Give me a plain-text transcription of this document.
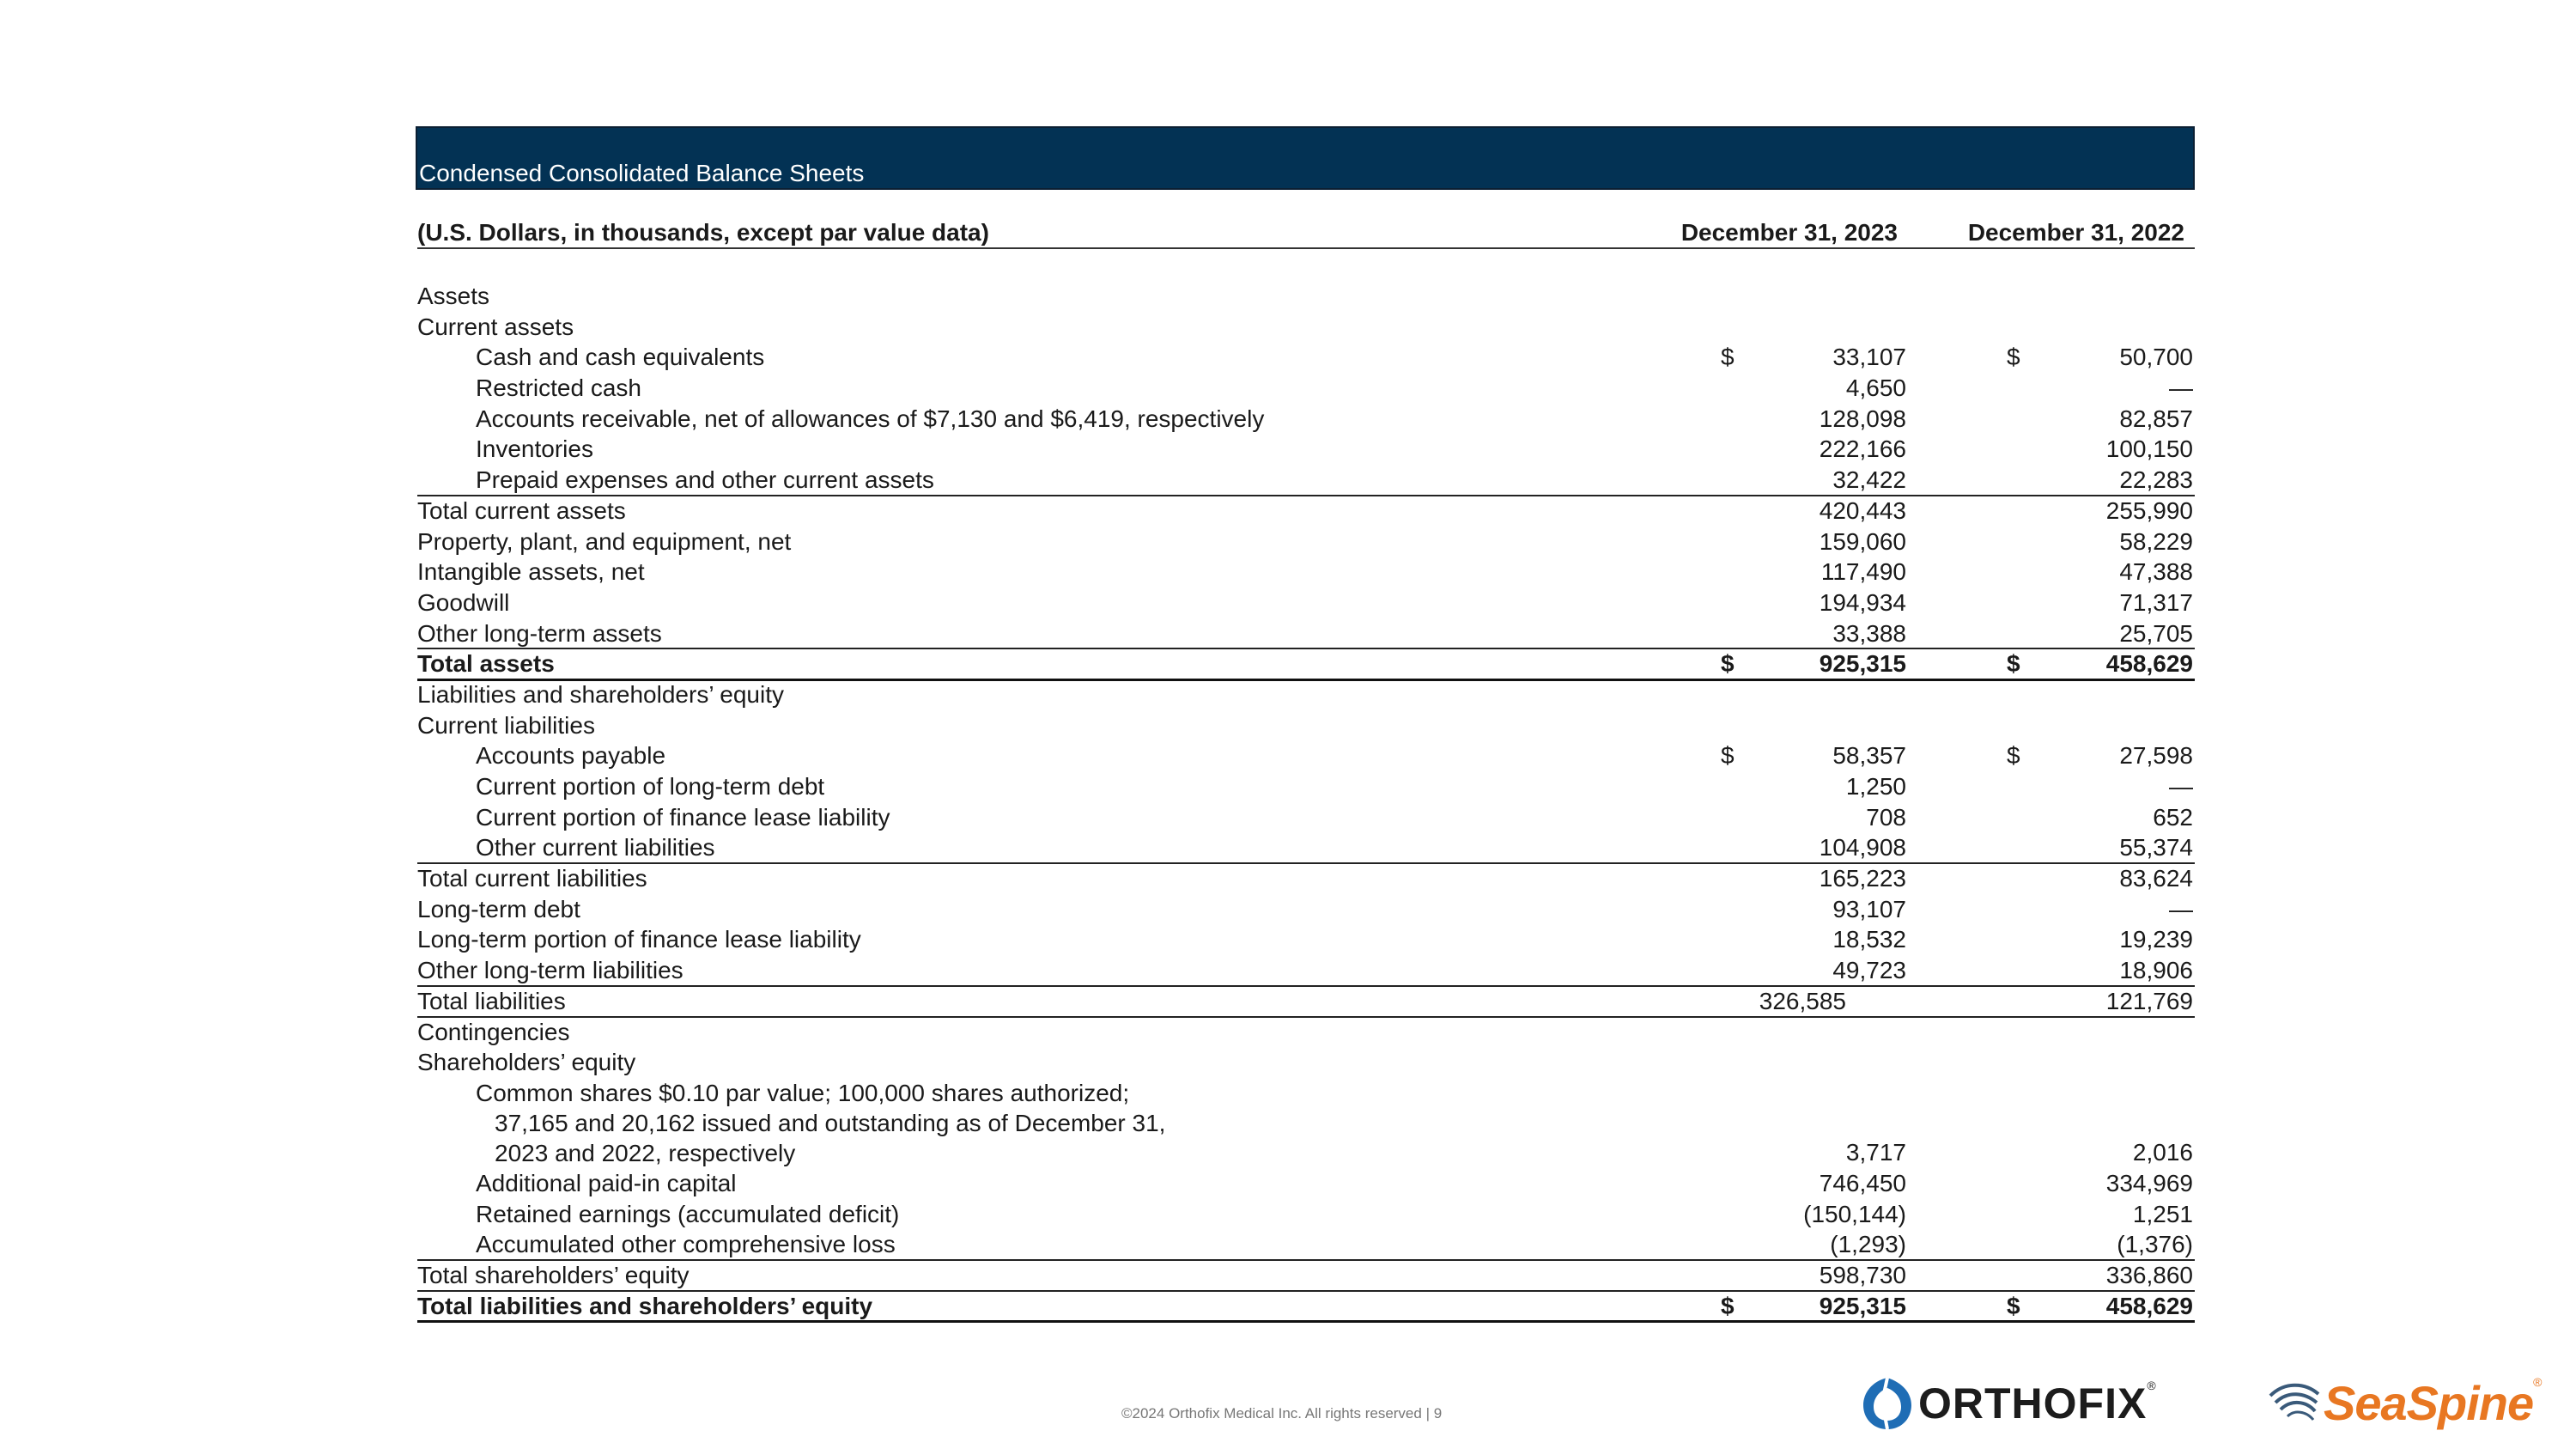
Condensed Consolidated Balance Sheets
(U.S. Dollars, in thousands, except par value data)	December 31, 2023	December 31, 2022
Assets
Current assets
Cash and cash equivalents	$	33,107	$	50,700
Restricted cash	4,650	—
Accounts receivable, net of allowances of $7,130 and $6,419, respectively	128,098	82,857
Inventories	222,166	100,150
Prepaid expenses and other current assets	32,422	22,283
Total current assets	420,443	255,990
Property, plant, and equipment, net	159,060	58,229
Intangible assets, net	117,490	47,388
Goodwill	194,934	71,317
Other long-term assets	33,388	25,705
Total assets	$	925,315	$	458,629
Liabilities and shareholders’ equity
Current liabilities
Accounts payable	$	58,357	$	27,598
Current portion of long-term debt	1,250	—
Current portion of finance lease liability	708	652
Other current liabilities	104,908	55,374
Total current liabilities	165,223	83,624
Long-term debt	93,107	—
Long-term portion of finance lease liability	18,532	19,239
Other long-term liabilities	49,723	18,906
Total liabilities	326,585	121,769
Contingencies
Shareholders’ equity
Common shares $0.10 par value; 100,000 shares authorized;
37,165 and 20,162 issued and outstanding as of December 31,
2023 and 2022, respectively	3,717	2,016
Additional paid-in capital	746,450	334,969
Retained earnings (accumulated deficit)	(150,144)	1,251
Accumulated other comprehensive loss	(1,293)	(1,376)
Total shareholders’ equity	598,730	336,860
Total liabilities and shareholders’ equity	$	925,315	$	458,629
©2024 Orthofix Medical Inc. All rights reserved | 9	ORTHOFIX®	SeaSpine®
